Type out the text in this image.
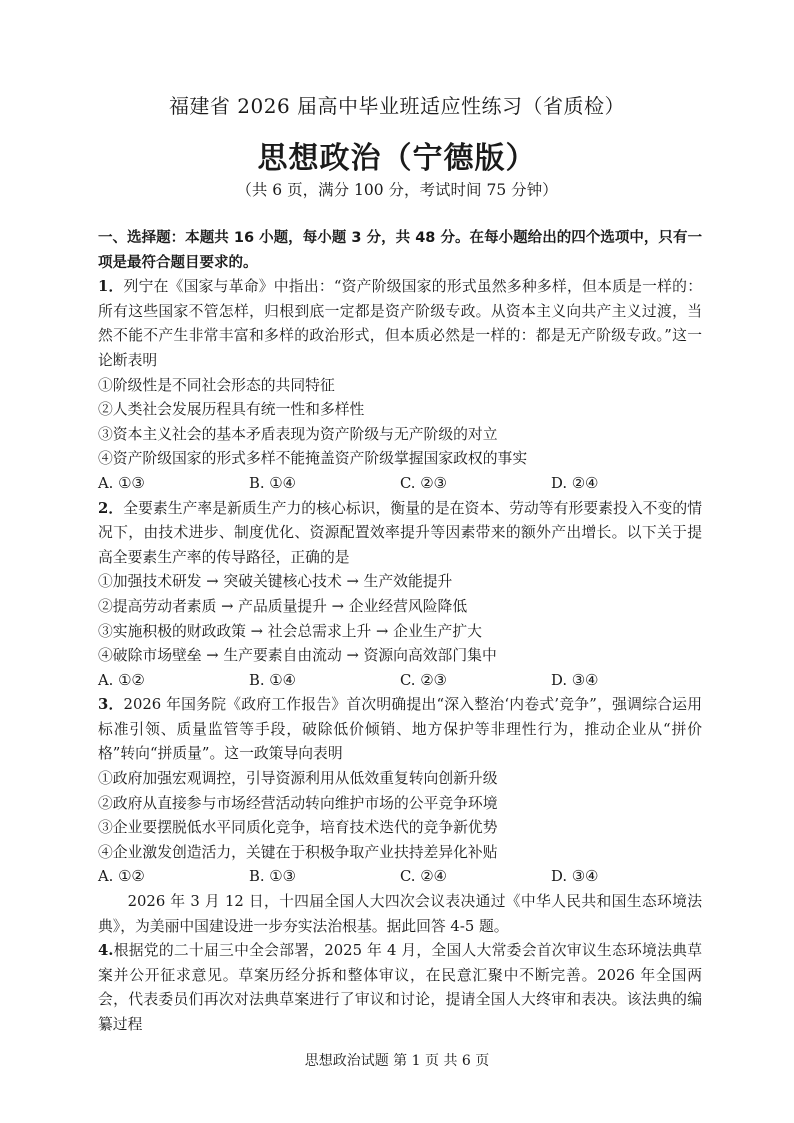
福建省 2026 届高中毕业班适应性练习（省质检）
思想政治（宁德版）
（共 6 页，满分 100 分，考试时间 75 分钟）

一、选择题：本题共 16 小题，每小题 3 分，共 48 分。在每小题给出的四个选项中，只有一项是最符合题目要求的。

1．列宁在《国家与革命》中指出：“资产阶级国家的形式虽然多种多样，但本质是一样的：所有这些国家不管怎样，归根到底一定都是资产阶级专政。从资本主义向共产主义过渡，当然不能不产生非常丰富和多样的政治形式，但本质必然是一样的：都是无产阶级专政。”这一论断表明

①阶级性是不同社会形态的共同特征

②人类社会发展历程具有统一性和多样性

③资本主义社会的基本矛盾表现为资产阶级与无产阶级的对立

④资产阶级国家的形式多样不能掩盖资产阶级掌握国家政权的事实

A. ①③	B. ①④	C. ②③	D. ②④

2．全要素生产率是新质生产力的核心标识，衡量的是在资本、劳动等有形要素投入不变的情况下，由技术进步、制度优化、资源配置效率提升等因素带来的额外产出增长。以下关于提高全要素生产率的传导路径，正确的是

①加强技术研发 → 突破关键核心技术 → 生产效能提升

②提高劳动者素质 → 产品质量提升 → 企业经营风险降低

③实施积极的财政政策 → 社会总需求上升 → 企业生产扩大

④破除市场壁垒 → 生产要素自由流动 → 资源向高效部门集中

A. ①②	B. ①④	C. ②③	D. ③④

3．2026 年国务院《政府工作报告》首次明确提出“深入整治‘内卷式’竞争”，强调综合运用标准引领、质量监管等手段，破除低价倾销、地方保护等非理性行为，推动企业从“拼价格”转向“拼质量”。这一政策导向表明

①政府加强宏观调控，引导资源利用从低效重复转向创新升级

②政府从直接参与市场经营活动转向维护市场的公平竞争环境

③企业要摆脱低水平同质化竞争，培育技术迭代的竞争新优势

④企业激发创造活力，关键在于积极争取产业扶持差异化补贴

A. ①②	B. ①③	C. ②④	D. ③④

2026 年 3 月 12 日，十四届全国人大四次会议表决通过《中华人民共和国生态环境法典》，为美丽中国建设进一步夯实法治根基。据此回答 4-5 题。

4.根据党的二十届三中全会部署，2025 年 4 月，全国人大常委会首次审议生态环境法典草案并公开征求意见。草案历经分拆和整体审议，在民意汇聚中不断完善。2026 年全国两会，代表委员们再次对法典草案进行了审议和讨论，提请全国人大终审和表决。该法典的编纂过程

思想政治试题 第 1 页 共 6 页
